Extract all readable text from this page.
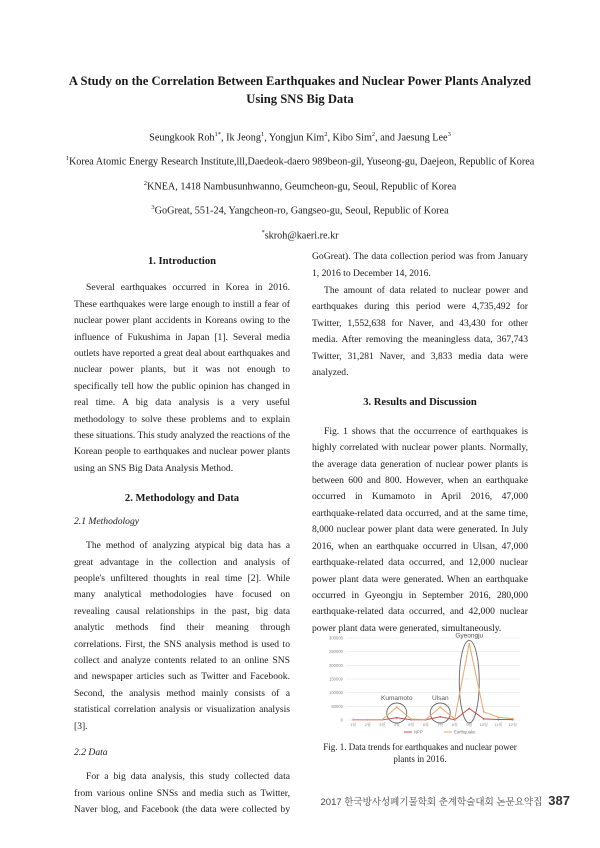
A Study on the Correlation Between Earthquakes and Nuclear Power Plants Analyzed
Using SNS Big Data
Seungkook Roh$^{1*}$, Ik Jeong$^1$, Yongjun Kim$^2$, Kibo Sim$^2$, and Jaesung Lee$^3$
$^1$Korea Atomic Energy Research Institute,lll,Daedeok-daero 989beon-gil, Yuseong-gu, Daejeon, Republic of Korea
$^2$KNEA, 1418 Nambusunhwanno, Geumcheon-gu, Seoul, Republic of Korea
$^3$GoGreat, 551-24, Yangcheon-ro, Gangseo-gu, Seoul, Republic of Korea
*skroh@kaeri.re.kr

1. Introduction

Several earthquakes occurred in Korea in 2016. These earthquakes were large enough to instill a fear of nuclear power plant accidents in Koreans owing to the influence of Fukushima in Japan [1]. Several media outlets have reported a great deal about earthquakes and nuclear power plants, but it was not enough to specifically tell how the public opinion has changed in real time. A big data analysis is a very useful methodology to solve these problems and to explain these situations. This study analyzed the reactions of the Korean people to earthquakes and nuclear power plants using an SNS Big Data Analysis Method.

2. Methodology and Data

2.1 Methodology

The method of analyzing atypical big data has a great advantage in the collection and analysis of people's unfiltered thoughts in real time [2]. While many analytical methodologies have focused on revealing causal relationships in the past, big data analytic methods find their meaning through correlations. First, the SNS analysis method is used to collect and analyze contents related to an online SNS and newspaper articles such as Twitter and Facebook. Second, the analysis method mainly consists of a statistical correlation analysis or visualization analysis [3].

2.2 Data

For a big data analysis, this study collected data from various online SNSs and media such as Twitter, Naver blog, and Facebook (the data were collected by

GoGreat). The data collection period was from January 1, 2016 to December 14, 2016.

The amount of data related to nuclear power and earthquakes during this period were 4,735,492 for Twitter, 1,552,638 for Naver, and 43,430 for other media. After removing the meaningless data, 367,743 Twitter, 31,281 Naver, and 3,833 media data were analyzed.

3. Results and Discussion

Fig. 1 shows that the occurrence of earthquakes is highly correlated with nuclear power plants. Normally, the average data generation of nuclear power plants is between 600 and 800. However, when an earthquake occurred in Kumamoto in April 2016, 47,000 earthquake-related data occurred, and at the same time, 8,000 nuclear power plant data were generated. In July 2016, when an earthquake occurred in Ulsan, 47,000 earthquake-related data occurred, and 12,000 nuclear power plant data were generated. When an earthquake occurred in Gyeongju in September 2016, 280,000 earthquake-related data occurred, and 42,000 nuclear power plant data were generated, simultaneously.

0
50000
100000
150000
200000
250000
300000
1월 2월 3월 4월 5월 6월 7월 8월 9월 10월 11월 12월
Kumamoto	Ulsan
Gyeongju
NPP	Earthquake
Fig. 1. Data trends for earthquakes and nuclear power plants in 2016.
2017 한국방사성폐기물학회 춘계학술대회 논문요약집 387
